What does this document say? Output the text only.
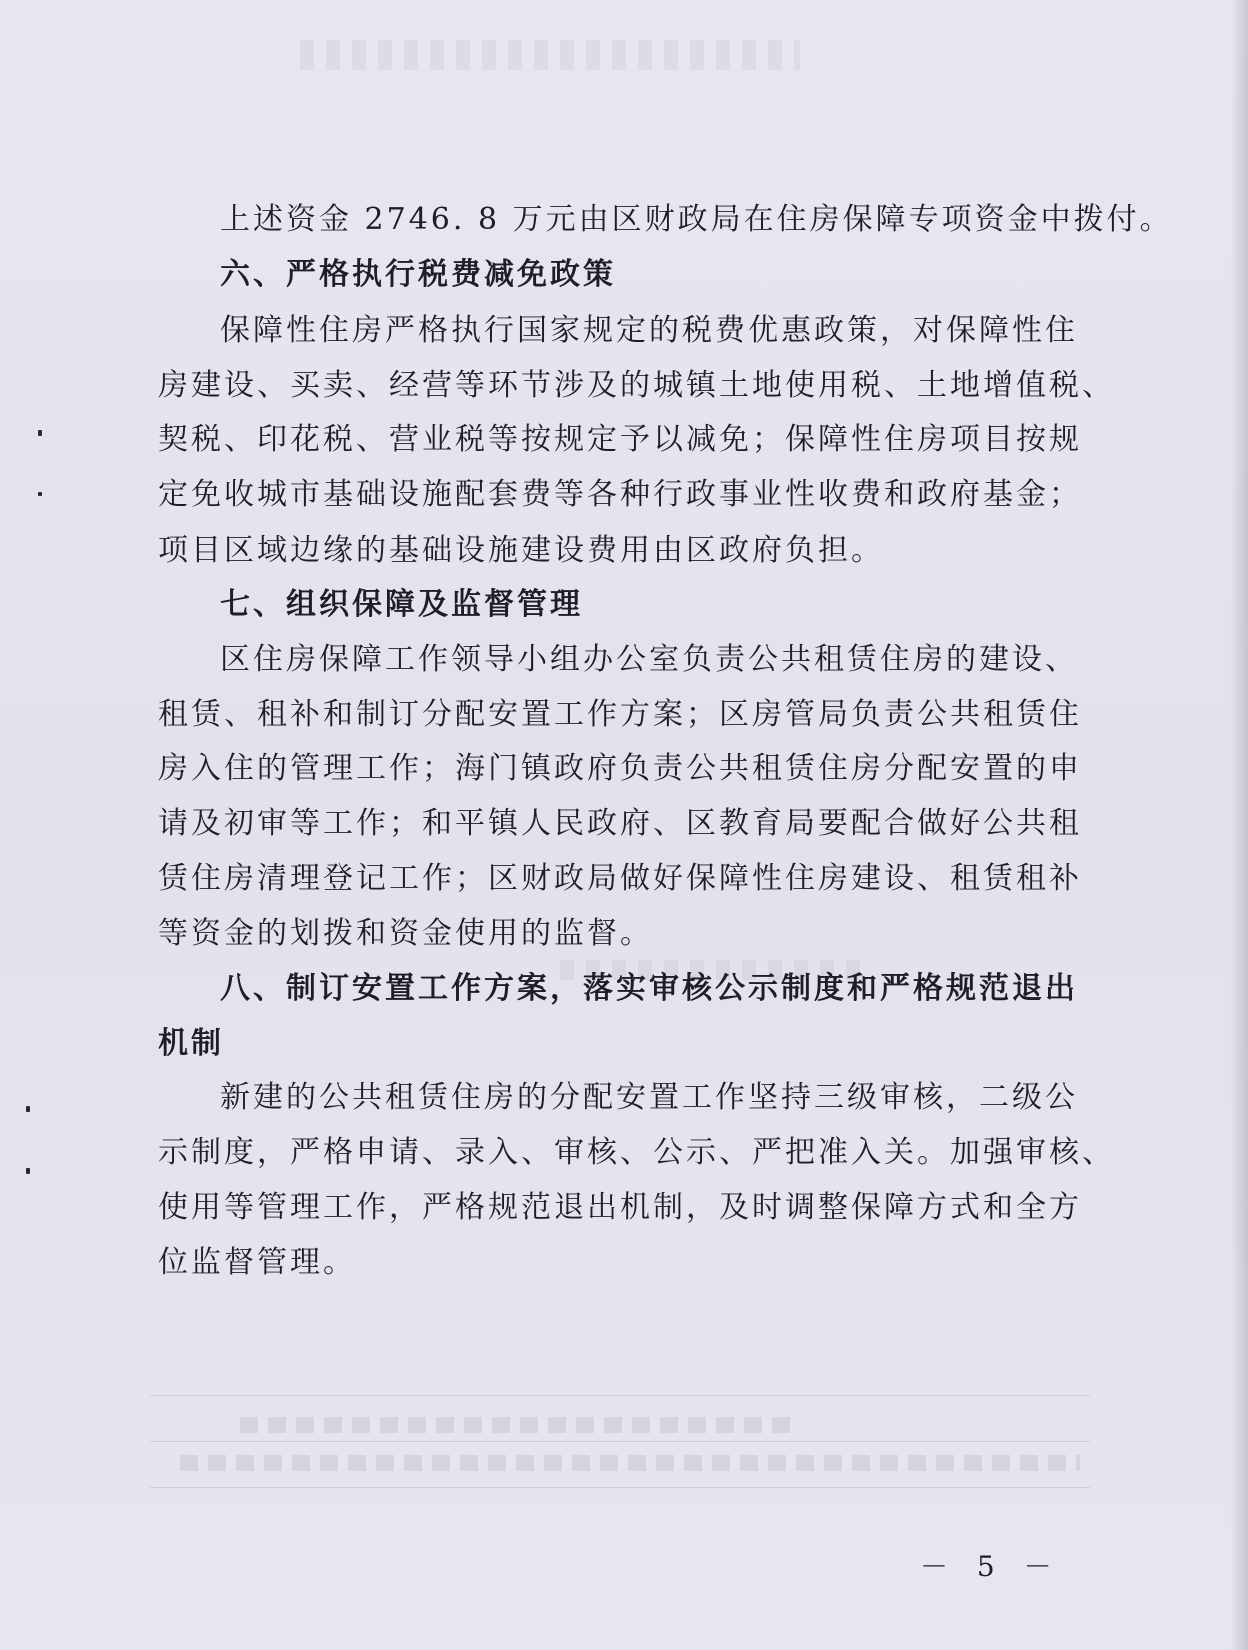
上述资金 2746. 8 万元由区财政局在住房保障专项资金中拨付。
六、严格执行税费减免政策
保障性住房严格执行国家规定的税费优惠政策，对保障性住
房建设、买卖、经营等环节涉及的城镇土地使用税、土地增值税、
契税、印花税、营业税等按规定予以减免；保障性住房项目按规
定免收城市基础设施配套费等各种行政事业性收费和政府基金；
项目区域边缘的基础设施建设费用由区政府负担。
七、组织保障及监督管理
区住房保障工作领导小组办公室负责公共租赁住房的建设、
租赁、租补和制订分配安置工作方案；区房管局负责公共租赁住
房入住的管理工作；海门镇政府负责公共租赁住房分配安置的申
请及初审等工作；和平镇人民政府、区教育局要配合做好公共租
赁住房清理登记工作；区财政局做好保障性住房建设、租赁租补
等资金的划拨和资金使用的监督。
八、制订安置工作方案，落实审核公示制度和严格规范退出
机制
新建的公共租赁住房的分配安置工作坚持三级审核，二级公
示制度，严格申请、录入、审核、公示、严把准入关。加强审核、
使用等管理工作，严格规范退出机制，及时调整保障方式和全方
位监督管理。
－ 5 －
